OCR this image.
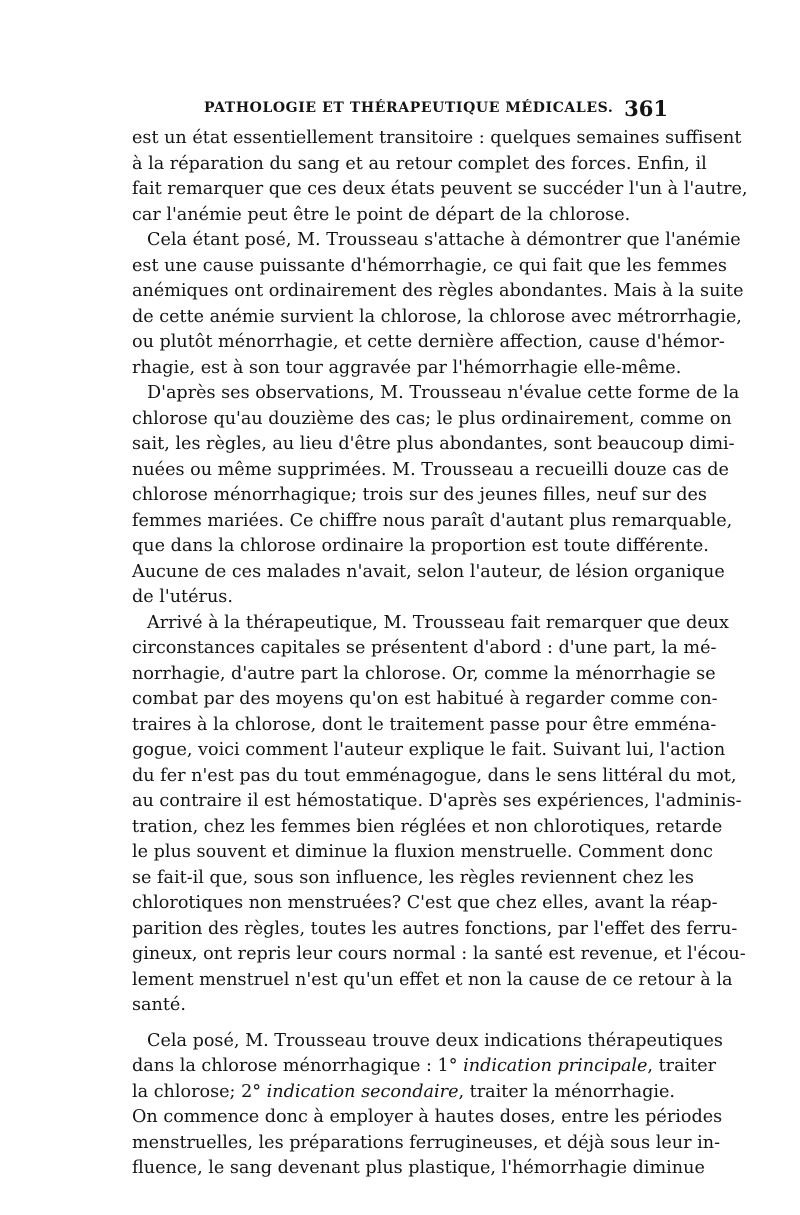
PATHOLOGIE ET THÉRAPEUTIQUE MÉDICALES. 361
est un état essentiellement transitoire : quelques semaines suffisent
à la réparation du sang et au retour complet des forces. Enfin, il
fait remarquer que ces deux états peuvent se succéder l'un à l'autre,
car l'anémie peut être le point de départ de la chlorose.
Cela étant posé, M. Trousseau s'attache à démontrer que l'anémie
est une cause puissante d'hémorrhagie, ce qui fait que les femmes
anémiques ont ordinairement des règles abondantes. Mais à la suite
de cette anémie survient la chlorose, la chlorose avec métrorrhagie,
ou plutôt ménorrhagie, et cette dernière affection, cause d'hémor-
rhagie, est à son tour aggravée par l'hémorrhagie elle-même.
D'après ses observations, M. Trousseau n'évalue cette forme de la
chlorose qu'au douzième des cas; le plus ordinairement, comme on
sait, les règles, au lieu d'être plus abondantes, sont beaucoup dimi-
nuées ou même supprimées. M. Trousseau a recueilli douze cas de
chlorose ménorrhagique; trois sur des jeunes filles, neuf sur des
femmes mariées. Ce chiffre nous paraît d'autant plus remarquable,
que dans la chlorose ordinaire la proportion est toute différente.
Aucune de ces malades n'avait, selon l'auteur, de lésion organique
de l'utérus.
Arrivé à la thérapeutique, M. Trousseau fait remarquer que deux
circonstances capitales se présentent d'abord : d'une part, la mé-
norrhagie, d'autre part la chlorose. Or, comme la ménorrhagie se
combat par des moyens qu'on est habitué à regarder comme con-
traires à la chlorose, dont le traitement passe pour être emména-
gogue, voici comment l'auteur explique le fait. Suivant lui, l'action
du fer n'est pas du tout emménagogue, dans le sens littéral du mot,
au contraire il est hémostatique. D'après ses expériences, l'adminis-
tration, chez les femmes bien réglées et non chlorotiques, retarde
le plus souvent et diminue la fluxion menstruelle. Comment donc
se fait-il que, sous son influence, les règles reviennent chez les
chlorotiques non menstruées? C'est que chez elles, avant la réap-
parition des règles, toutes les autres fonctions, par l'effet des ferru-
gineux, ont repris leur cours normal : la santé est revenue, et l'écou-
lement menstruel n'est qu'un effet et non la cause de ce retour à la
santé.
Cela posé, M. Trousseau trouve deux indications thérapeutiques
dans la chlorose ménorrhagique : 1° indication principale, traiter
la chlorose; 2° indication secondaire, traiter la ménorrhagie.
On commence donc à employer à hautes doses, entre les périodes
menstruelles, les préparations ferrugineuses, et déjà sous leur in-
fluence, le sang devenant plus plastique, l'hémorrhagie diminue
